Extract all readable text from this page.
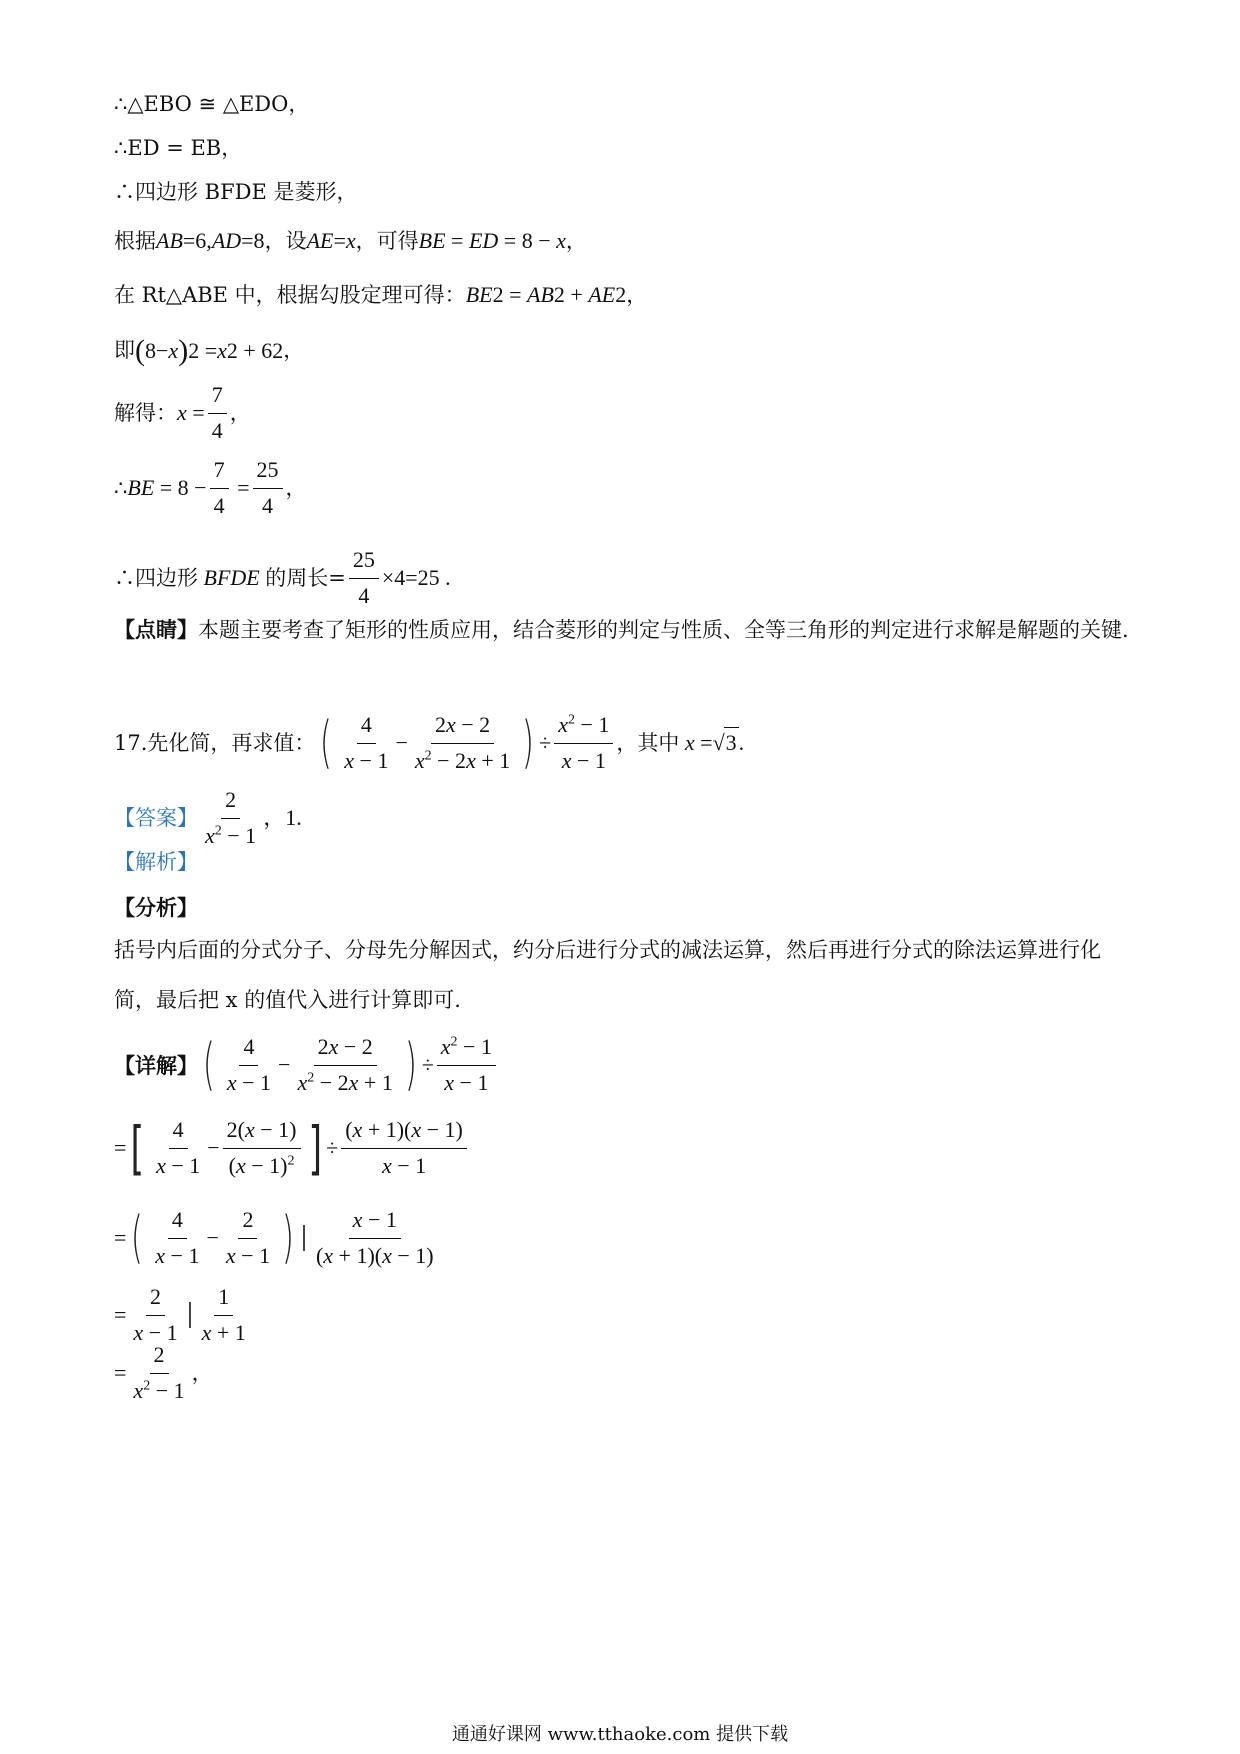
∴△EBO ≅ △EDO，
∴ED = EB，
∴四边形 BFDE 是菱形，
根据 AB =6, AD =8 ，设 AE = x ，可得 BE = ED = 8 − x ，
在 Rt△ABE 中，根据勾股定理可得： BE 2 = AB 2 + AE 2 ，
即 ( 8− x ) 2 = x 2 + 6 2 ，
解得： $x = \frac{7}{4}$ ，
∴ BE = $8 - \frac{7}{4} = \frac{25}{4}$ ，
∴四边形 BFDE 的周长= $\frac{25}{4} \times 4=25$ .
【点睛】本题主要考查了矩形的性质应用，结合菱形的判定与性质、全等三角形的判定进行求解是解题的关键.
17.先化简，再求值： ( $\frac{4}{x - 1} - \frac{2x - 2}{x^2 - 2x + 1}$ ) ÷ $\frac{x^2 - 1}{x - 1}$ ，其中 x = √ 3 .
【答案】 $\frac{2}{x^2 - 1}$ ，1.
【解析】
【分析】
括号内后面的分式分子、分母先分解因式，约分后进行分式的减法运算，然后再进行分式的除法运算进行化简，最后把 x 的值代入进行计算即可.
【详解】 ( $\frac{4}{x - 1} - \frac{2x - 2}{x^2 - 2x + 1}$ ) ÷ $\frac{x^2 - 1}{x - 1}$
= [ $\frac{4}{x - 1} - \frac{2(x - 1)}{(x - 1)^2}$ ] ÷ $\frac{(x + 1)(x - 1)}{x - 1}$
= ( $\frac{4}{x - 1} - \frac{2}{x - 1}$ ) $\frac{x - 1}{(x + 1)(x - 1)}$
= $\frac{2}{x - 1} \frac{1}{x + 1}$
= $\frac{2}{x^2 - 1}$ ，
通通好课网 www.tthaoke.com 提供下载
